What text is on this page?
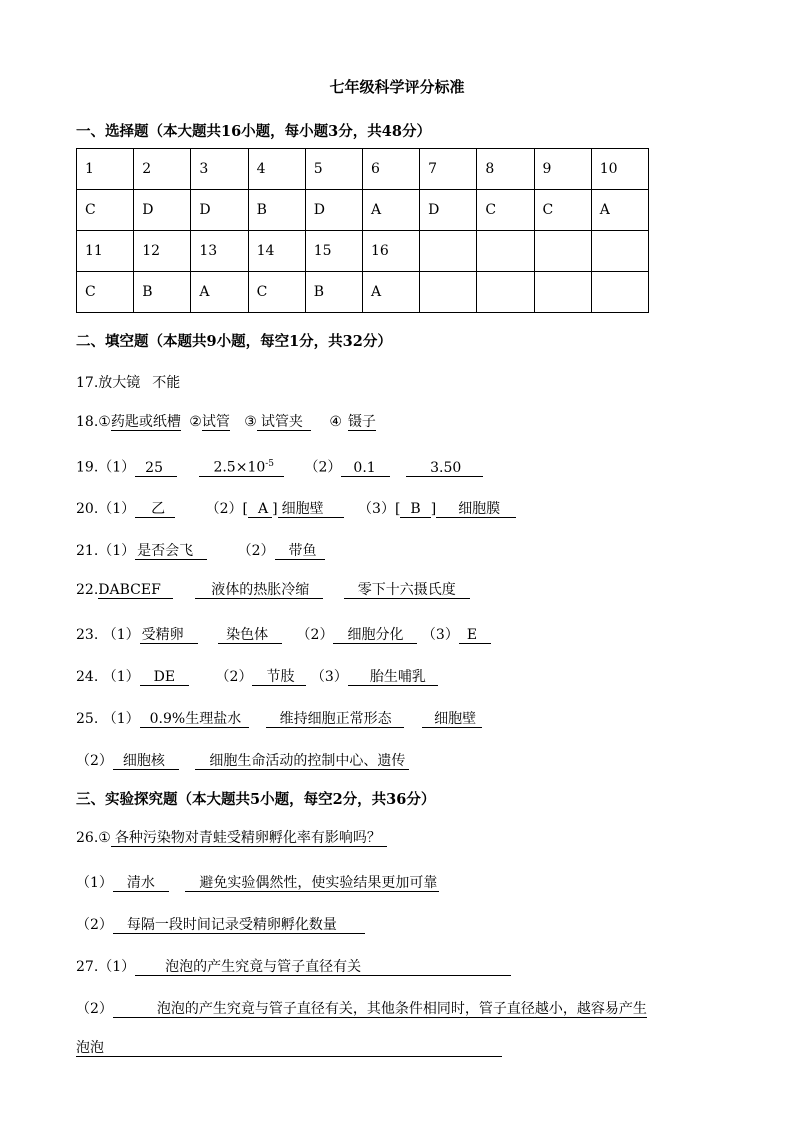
七年级科学评分标准
一、选择题（本大题共16小题，每小题3分，共48分）
1	2	3	4	5	6	7	8	9	10
C	D	D	B	D	A	D	C	C	A
11	12	13	14	15	16				
C	B	A	C	B	A				
二、填空题（本题共9小题，每空1分，共32分）
17.放大镜 不能
18.①药匙或纸槽 ②试管 ③ 试管夹 ④ 镊子
19.（1） 25	$2.5\times 10^{-5}$ （2） 0.1	3.50
20.（1） 乙	（2）[ A ] 细胞壁 （3）[ B ] 细胞膜
21.（1） 是否会飞	（2） 带鱼
22.DABCEF	液体的热胀冷缩	零下十六摄氏度
23. （1） 受精卵	染色体 （2） 细胞分化 （3） E
24. （1） DE	（2） 节肢 （3） 胎生哺乳
25. （1） 0.9%生理盐水	维持细胞正常形态	细胞壁
（2） 细胞核	细胞生命活动的控制中心、遗传
三、实验探究题（本大题共5小题，每空2分，共36分）
26.① 各种污染物对青蛙受精卵孵化率有影响吗？
（1） 清水	避免实验偶然性，使实验结果更加可靠
（2） 每隔一段时间记录受精卵孵化数量
27.（1） 泡泡的产生究竟与管子直径有关
（2）	泡泡的产生究竟与管子直径有关，其他条件相同时，管子直径越小，越容易产生
泡泡
